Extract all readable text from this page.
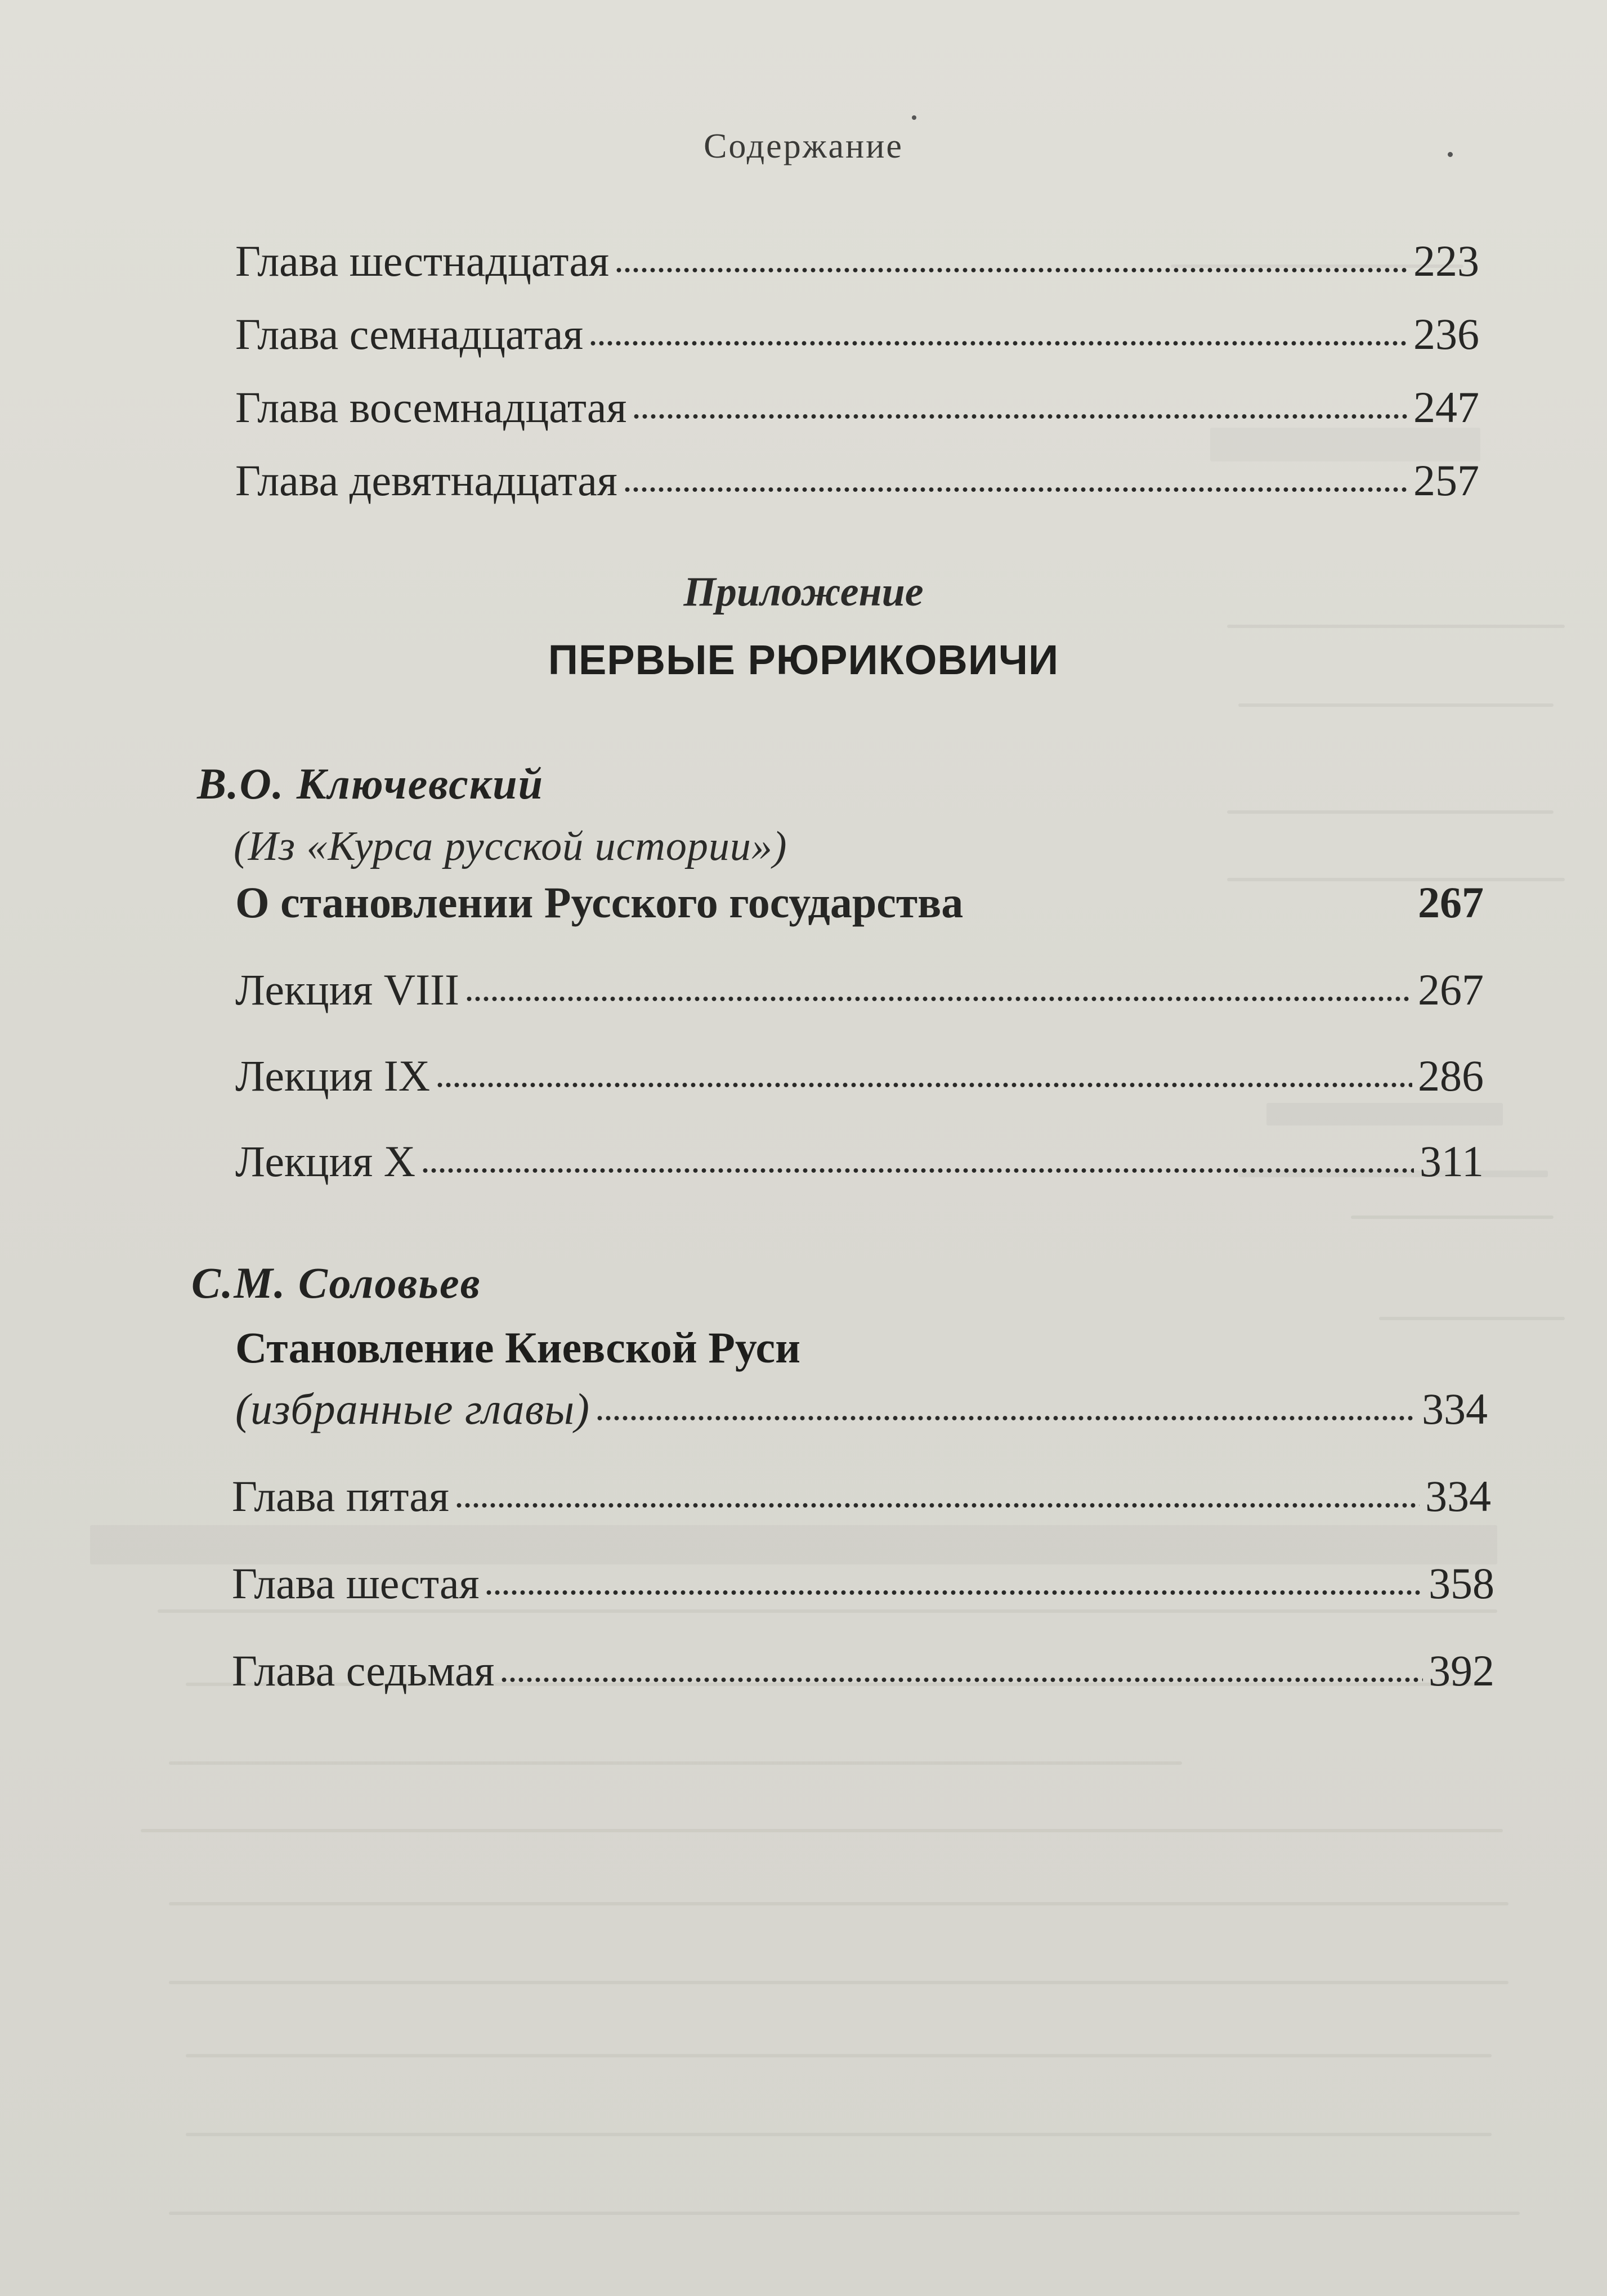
Содержание
Глава шестнадцатая	223
Глава семнадцатая	236
Глава восемнадцатая	247
Глава девятнадцатая	257
Приложение
ПЕРВЫЕ РЮРИКОВИЧИ
В.О. Ключевский
(Из «Курса русской истории»)
О становлении Русского государства	267
Лекция VIII	267
Лекция IX	286
Лекция X	311
С.М. Соловьев
Становление Киевской Руси
(избранные главы)	334
Глава пятая	334
Глава шестая	358
Глава седьмая	392
